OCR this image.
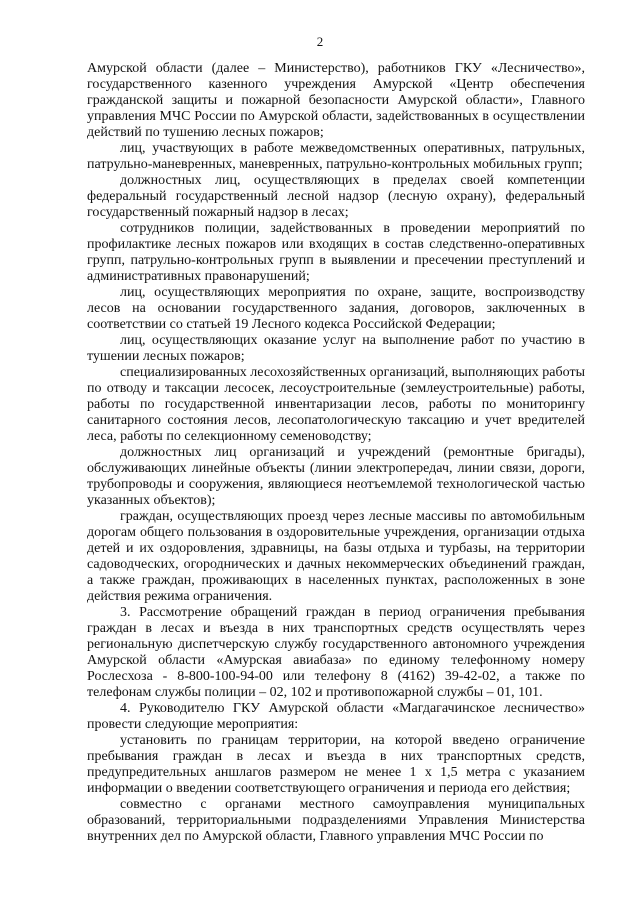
2

Амурской области (далее – Министерство), работников ГКУ «Лесничество», государственного казенного учреждения Амурской «Центр обеспечения гражданской защиты и пожарной безопасности Амурской области», Главного управления МЧС России по Амурской области, задействованных в осуществлении действий по тушению лесных пожаров;

лиц, участвующих в работе межведомственных оперативных, патрульных, патрульно-маневренных, маневренных, патрульно-контрольных мобильных групп;

должностных лиц, осуществляющих в пределах своей компетенции федеральный государственный лесной надзор (лесную охрану), федеральный государственный пожарный надзор в лесах;

сотрудников полиции, задействованных в проведении мероприятий по профилактике лесных пожаров или входящих в состав следственно-оперативных групп, патрульно-контрольных групп в выявлении и пресечении преступлений и административных правонарушений;

лиц, осуществляющих мероприятия по охране, защите, воспроизводству лесов на основании государственного задания, договоров, заключенных в соответствии со статьей 19 Лесного кодекса Российской Федерации;

лиц, осуществляющих оказание услуг на выполнение работ по участию в тушении лесных пожаров;

специализированных лесохозяйственных организаций, выполняющих работы по отводу и таксации лесосек, лесоустроительные (землеустроительные) работы, работы по государственной инвентаризации лесов, работы по мониторингу санитарного состояния лесов, лесопатологическую таксацию и учет вредителей леса, работы по селекционному семеноводству;

должностных лиц организаций и учреждений (ремонтные бригады), обслуживающих линейные объекты (линии электропередач, линии связи, дороги, трубопроводы и сооружения, являющиеся неотъемлемой технологической частью указанных объектов);

граждан, осуществляющих проезд через лесные массивы по автомобильным дорогам общего пользования в оздоровительные учреждения, организации отдыха детей и их оздоровления, здравницы, на базы отдыха и турбазы, на территории садоводческих, огороднических и дачных некоммерческих объединений граждан, а также граждан, проживающих в населенных пунктах, расположенных в зоне действия режима ограничения.

3. Рассмотрение обращений граждан в период ограничения пребывания граждан в лесах и въезда в них транспортных средств осуществлять через региональную диспетчерскую службу государственного автономного учреждения Амурской области «Амурская авиабаза» по единому телефонному номеру Рослесхоза - 8-800-100-94-00 или телефону 8 (4162) 39-42-02, а также по телефонам службы полиции – 02, 102 и противопожарной службы – 01, 101.

4. Руководителю ГКУ Амурской области «Магдагачинское лесничество» провести следующие мероприятия:

установить по границам территории, на которой введено ограничение пребывания граждан в лесах и въезда в них транспортных средств, предупредительных аншлагов размером не менее 1 х 1,5 метра с указанием информации о введении соответствующего ограничения и периода его действия;

совместно с органами местного самоуправления муниципальных образований, территориальными подразделениями Управления Министерства внутренних дел по Амурской области, Главного управления МЧС России по
